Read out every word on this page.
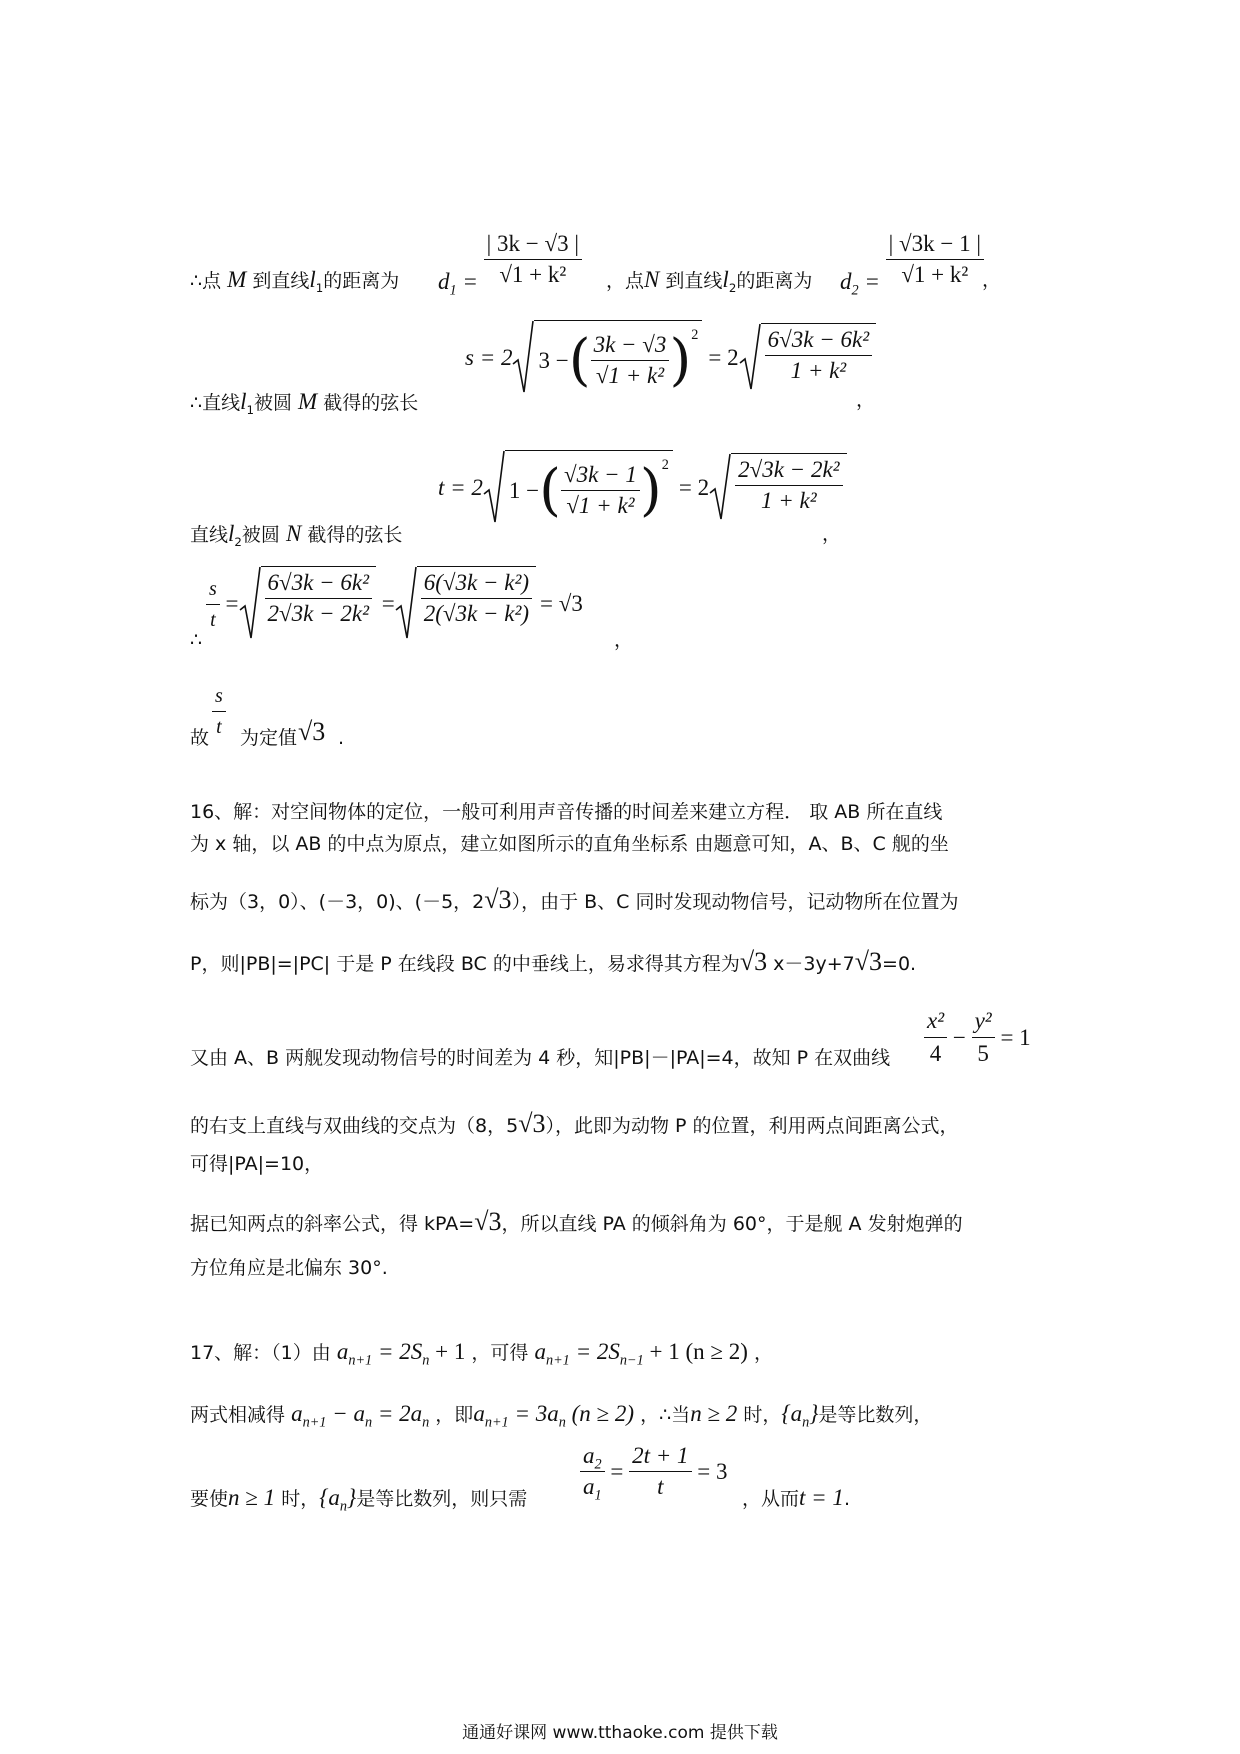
∴点 M 到直线$l_1$的距离为 $d_1 = \frac{| 3k - √3 |}{\text{√1 + k²}}$ ，点N 到直线$l_2$的距离为 $d_2 = \frac{| √3k - 1 |}{\text{√1 + k²}}$
，
∴直线$l_1$被圆 M 截得的弦长
s = 2 3 − ( $\frac{3k - √3}{\text{√1 + k²}} )^2$
= $2 \frac{\text{6√3k − 6k²}}{\text{1 + k²}}$
，
直线$l_2$被圆 N 截得的弦长
t = 2 1 − ( $\frac{√3k - 1}{\text{√1 + k²}} )^2$
= $2 \frac{\text{2√3k − 2k²}}{\text{1 + k²}}$
，
∴
$\frac{s}{t} = \frac{\text{6√3k − 6k²}}{\text{2√3k − 2k²}} = \frac{\text{6(√3k − k²)}}{\text{2(√3k − k²)}} = √3$
，
故 $\frac{s}{t}$ 为定值 √3 .
16、解：对空间物体的定位，一般可利用声音传播的时间差来建立方程． 取 AB 所在直线
为 x 轴，以 AB 的中点为原点，建立如图所示的直角坐标系 由题意可知，A、B、C 舰的坐
标为（3，0）、(－3，0)、(－5，2√3），由于 B、C 同时发现动物信号，记动物所在位置为
P，则|PB|=|PC| 于是 P 在线段 BC 的中垂线上，易求得其方程为√3 x－3y+7√3=0.
又由 A、B 两舰发现动物信号的时间差为 4 秒，知|PB|－|PA|=4，故知 P 在双曲线 $\frac{\text{x²}}{4} - \frac{\text{y²}}{5}$
= 1
的右支上直线与双曲线的交点为（8，5√3），此即为动物 P 的位置，利用两点间距离公式，
可得|PA|=10，
据已知两点的斜率公式，得 kPA=√3，所以直线 PA 的倾斜角为 60°，于是舰 A 发射炮弹的
方位角应是北偏东 30°.
17、解：（1）由 $a_{n+1} = 2S_n + 1$ ，可得 $a_{n+1} = 2S_{n-1} + 1$ (n ≥ 2) ，
两式相减得 $a_{n+1} - a_n = 2a_n$ ，即$a_{n+1} = 3a_n$ (n ≥ 2) ，∴当n ≥ 2 时，$\{a_n\}$是等比数列，
要使n ≥ 1 时，$\{a_n\}$是等比数列，则只需 $\frac{a_2}{a_1} = \frac{2t + 1}{t}$
= 3
，从而t = 1.
通通好课网 www.tthaoke.com 提供下载
